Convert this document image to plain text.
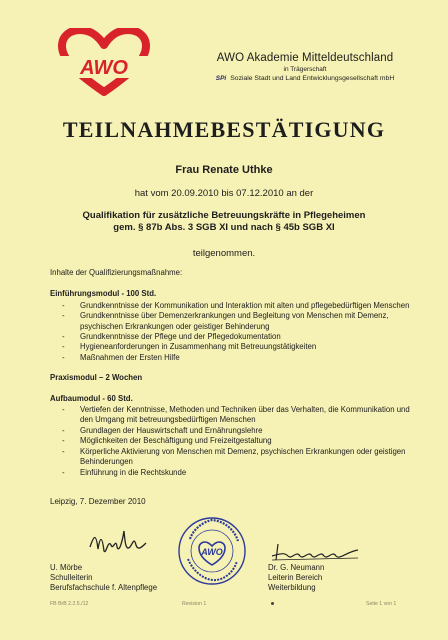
AWO	AWO Akademie Mitteldeutschland
in Trägerschaft
SPi Soziale Stadt und Land Entwicklungsgesellschaft mbH
TEILNAHMEBESTÄTIGUNG
Frau Renate Uthke
hat vom 20.09.2010 bis 07.12.2010 an der
Qualifikation für zusätzliche Betreuungskräfte in Pflegeheimen
gem. § 87b Abs. 3 SGB XI und nach § 45b SGB XI
teilgenommen.
Inhalte der Qualifizierungsmaßnahme:
Einführungsmodul - 100 Std.
- Grundkenntnisse der Kommunikation und Interaktion mit alten und pflegebedürftigen Menschen
- Grundkenntnisse über Demenzerkrankungen und Begleitung von Menschen mit Demenz, psychischen Erkrankungen oder geistiger Behinderung
- Grundkenntnisse der Pflege und der Pflegedokumentation
- Hygieneanforderungen in Zusammenhang mit Betreuungstätigkeiten
- Maßnahmen der Ersten Hilfe
Praxismodul – 2 Wochen
Aufbaumodul - 60 Std.
- Vertiefen der Kenntnisse, Methoden und Techniken über das Verhalten, die Kommunikation und den Umgang mit betreuungsbedürftigen Menschen
- Grundlagen der Hauswirtschaft und Ernährungslehre
- Möglichkeiten der Beschäftigung und Freizeitgestaltung
- Körperliche Aktivierung von Menschen mit Demenz, psychischen Erkrankungen oder geistigen Behinderungen
- Einführung in die Rechtskunde
Leipzig, 7. Dezember 2010
AWO
U. Mörbe
Schulleiterin
Berufsfachschule f. Altenpflege
Dr. G. Neumann
Leiterin Bereich
Weiterbildung
FB BrB 2.2.5./12	Revision 1	Seite 1 von 1
